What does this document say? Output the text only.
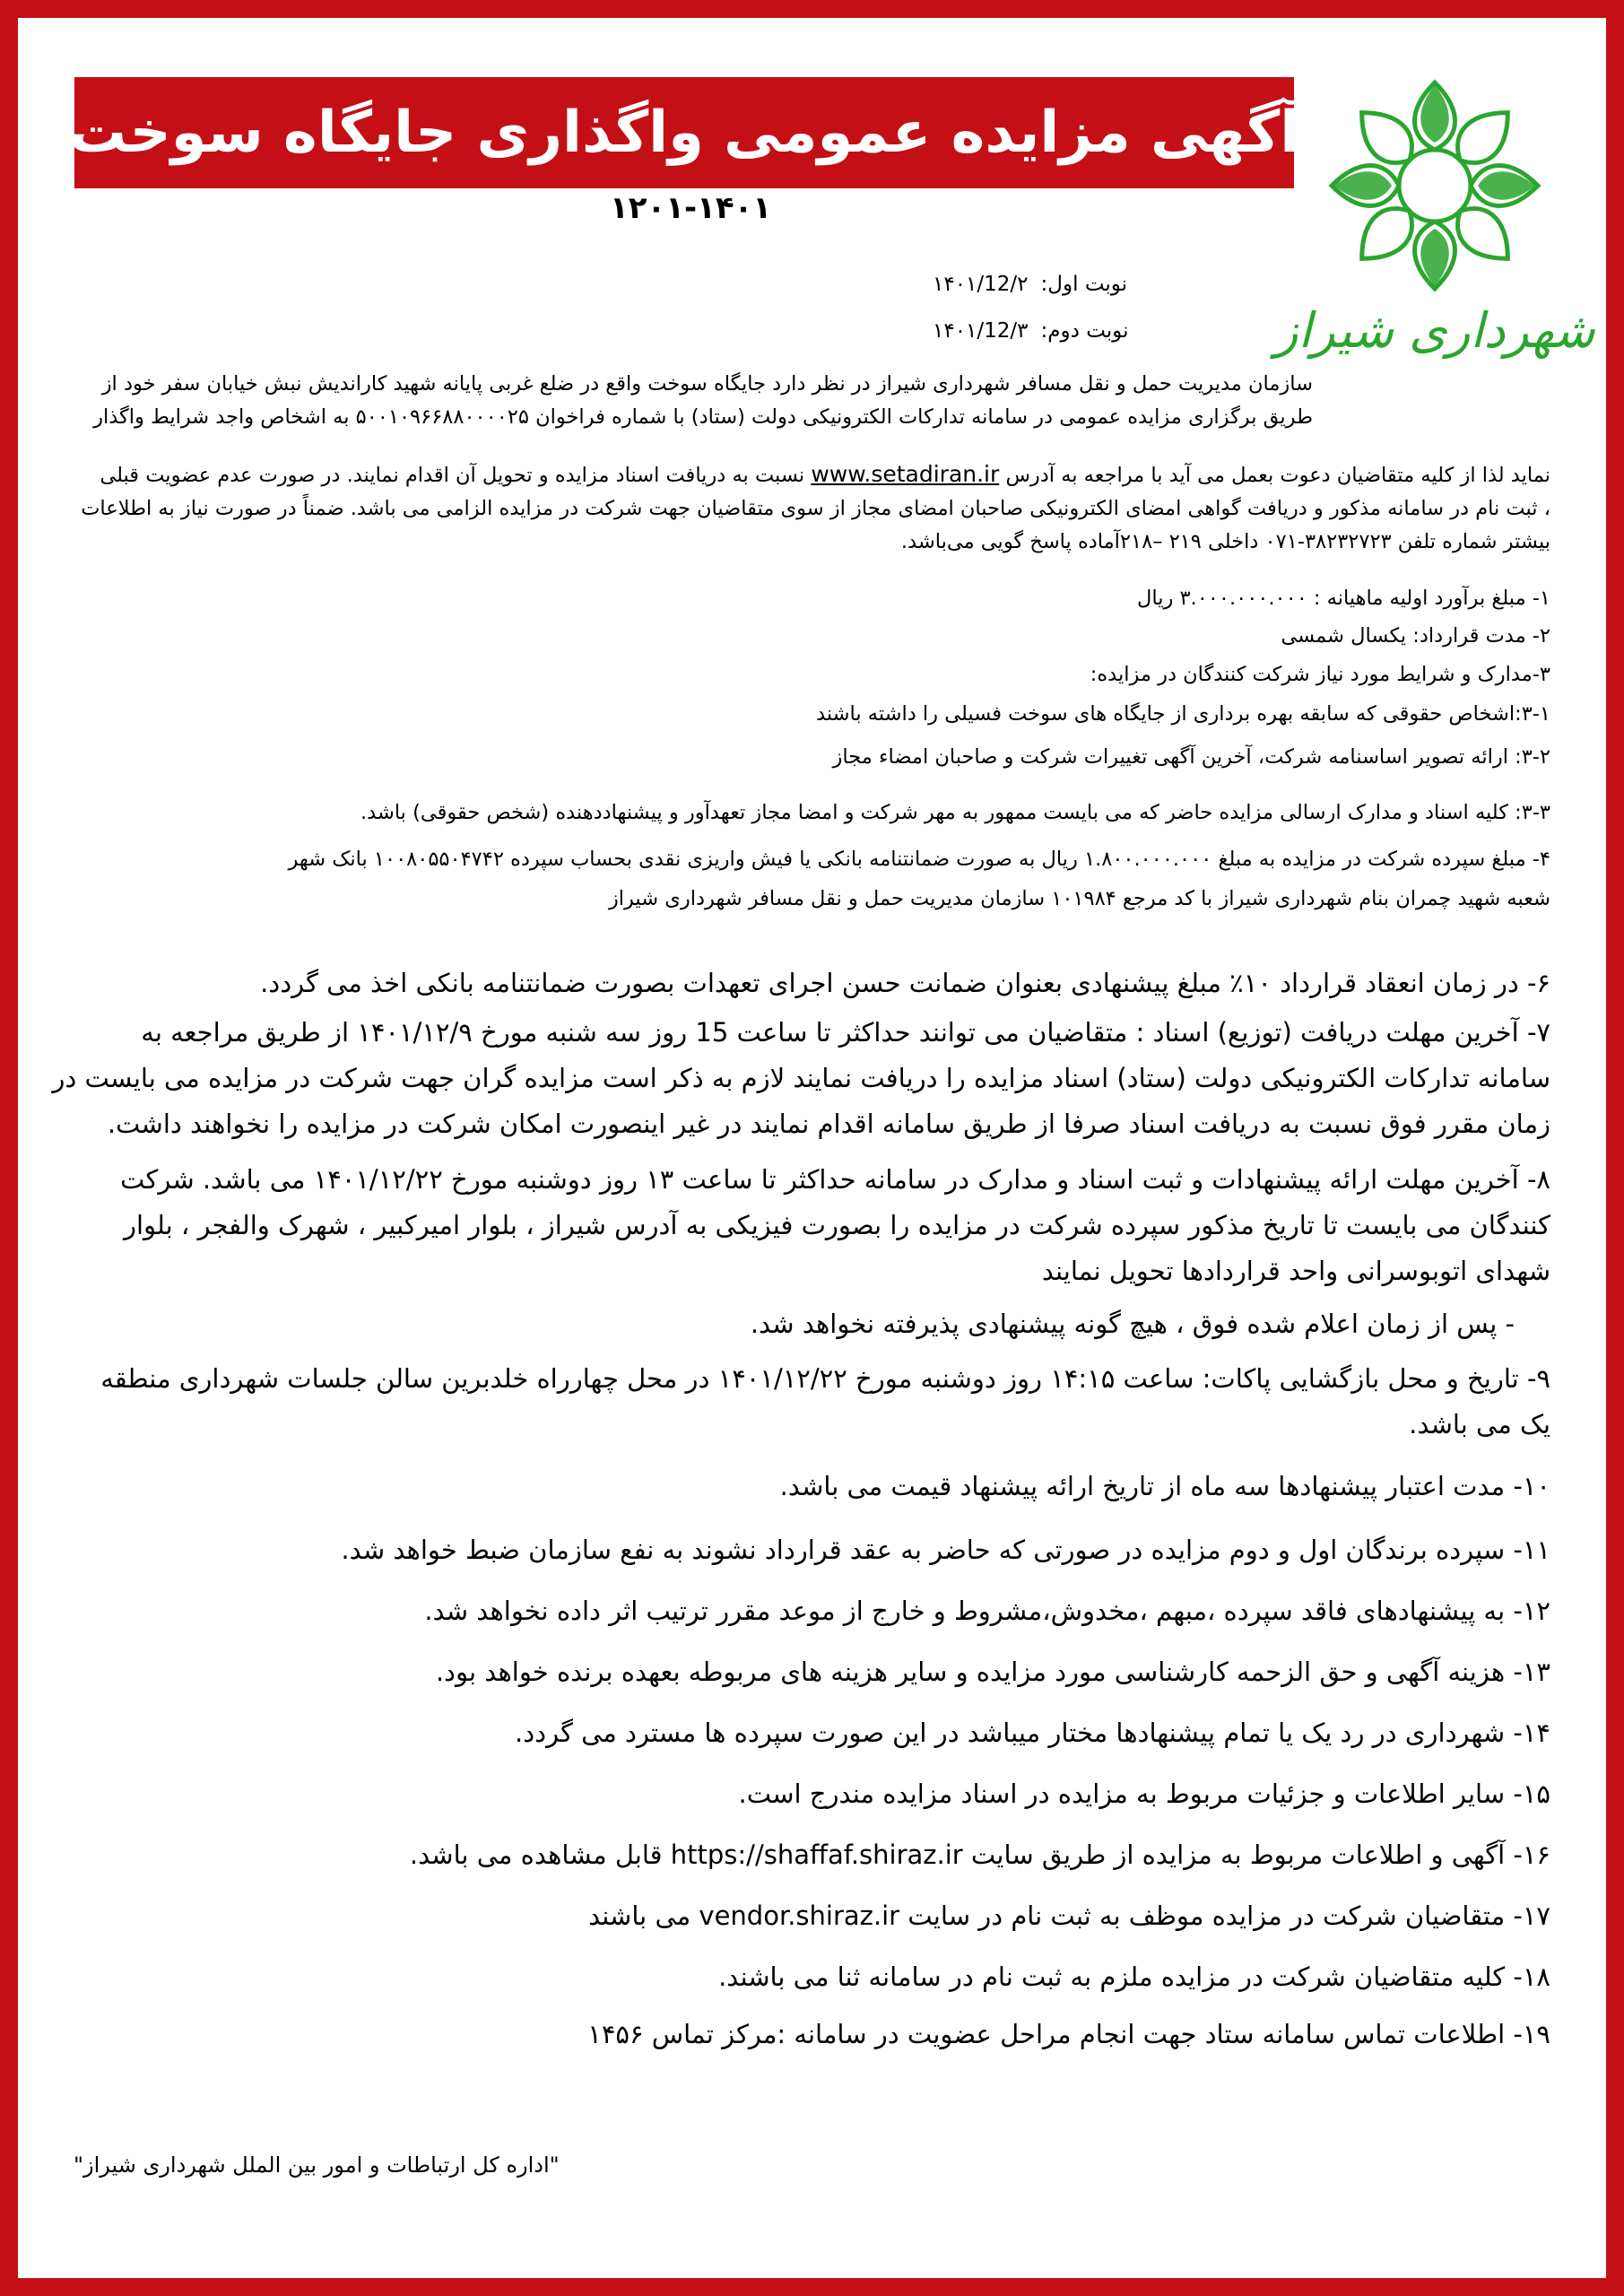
آگهی مزایده عمومی واگذاری جایگاه سوخت
۱۲۰۱-۱۴۰۱
شهرداری شیراز
نوبت اول:۱۴۰۱/12/۲
نوبت دوم:۱۴۰۱/12/۳
سازمان مدیریت حمل و نقل مسافر شهرداری شیراز در نظر دارد جایگاه سوخت واقع در ضلع غربی پایانه شهید کارانديش نبش خیابان سفر خود از
طریق برگزاری مزایده عمومی در سامانه تدارکات الکترونیکی دولت (ستاد) با شماره فراخوان ۵۰۰۱۰۹۶۶۸۸۰۰۰۰۲۵ به اشخاص واجد شرایط واگذار
نماید لذا از کلیه متقاضیان دعوت بعمل می آید با مراجعه به آدرس www.setadiran.ir نسبت به دریافت اسناد مزایده و تحویل آن اقدام نمایند. در صورت عدم عضویت قبلی
، ثبت نام در سامانه مذکور و دریافت گواهی امضای الکترونیکی صاحبان امضای مجاز از سوی متقاضیان جهت شرکت در مزایده الزامی می باشد. ضمناً در صورت نیاز به اطلاعات
بیشتر شماره تلفن ۳۸۲۳۲۷۲۳-۰۷۱ داخلی ۲۱۹ –۲۱۸آماده پاسخ گویی می‌باشد.
۱- مبلغ برآورد اولیه ماهیانه : ۳.۰۰۰.۰۰۰.۰۰۰ ریال
۲- مدت قرارداد: یکسال شمسی
۳-مدارک و شرایط مورد نیاز شرکت کنندگان در مزایده:
۳-۱:اشخاص حقوقی که سابقه بهره برداری از جایگاه های سوخت فسیلی را داشته باشند
۳-۲: ارائه تصویر اساسنامه شرکت، آخرین آگهی تغییرات شرکت و صاحبان امضاء مجاز
۳-۳: کلیه اسناد و مدارک ارسالی مزایده حاضر که می بایست ممهور به مهر شرکت و امضا مجاز تعهدآور و پیشنهاددهنده (شخص حقوقی) باشد.
۴- مبلغ سپرده شرکت در مزایده به مبلغ ۱.۸۰۰.۰۰۰.۰۰۰ ریال به صورت ضمانتنامه بانکی یا فیش واریزی نقدی بحساب سپرده ۱۰۰۸۰۵۵۰۴۷۴۲ بانک شهر
شعبه شهید چمران بنام شهرداری شیراز با کد مرجع ۱۰۱۹۸۴ سازمان مدیریت حمل و نقل مسافر شهرداری شیراز
۶- در زمان انعقاد قرارداد ۱۰٪ مبلغ پیشنهادی بعنوان ضمانت حسن اجرای تعهدات بصورت ضمانتنامه بانکی اخذ می گردد.
۷- آخرین مهلت دریافت (توزیع) اسناد : متقاضیان می توانند حداکثر تا ساعت 15 روز سه شنبه مورخ ۱۴۰۱/۱۲/۹ از طریق مراجعه به
سامانه تدارکات الکترونیکی دولت (ستاد) اسناد مزایده را دریافت نمایند لازم به ذکر است مزایده گران جهت شرکت در مزایده می بایست در
زمان مقرر فوق نسبت به دریافت اسناد صرفا از طریق سامانه اقدام نمایند در غیر اینصورت امکان شرکت در مزایده را نخواهند داشت.
۸- آخرین مهلت ارائه پیشنهادات و ثبت اسناد و مدارک در سامانه حداکثر تا ساعت ۱۳ روز دوشنبه مورخ ۱۴۰۱/۱۲/۲۲ می باشد. شرکت
کنندگان می بایست تا تاریخ مذکور سپرده شرکت در مزایده را بصورت فیزیکی به آدرس شیراز ، بلوار امیرکبیر ، شهرک والفجر ، بلوار
شهدای اتوبوسرانی واحد قراردادها تحویل نمایند
- پس از زمان اعلام شده فوق ، هیچ گونه پیشنهادی پذیرفته نخواهد شد.
۹- تاریخ و محل بازگشایی پاکات: ساعت ۱۴:۱۵ روز دوشنبه مورخ ۱۴۰۱/۱۲/۲۲ در محل چهارراه خلدبرین سالن جلسات شهرداری منطقه
یک می باشد.
۱۰- مدت اعتبار پیشنهادها سه ماه از تاریخ ارائه پیشنهاد قیمت می باشد.
۱۱- سپرده برندگان اول و دوم مزایده در صورتی که حاضر به عقد قرارداد نشوند به نفع سازمان ضبط خواهد شد.
۱۲- به پیشنهادهای فاقد سپرده ،مبهم ،مخدوش،مشروط و خارج از موعد مقرر ترتیب اثر داده نخواهد شد.
۱۳- هزینه آگهی و حق الزحمه کارشناسی مورد مزایده و سایر هزینه های مربوطه بعهده برنده خواهد بود.
۱۴- شهرداری در رد یک یا تمام پیشنهادها مختار میباشد در این صورت سپرده ها مسترد می گردد.
۱۵- سایر اطلاعات و جزئیات مربوط به مزایده در اسناد مزایده مندرج است.
۱۶- آگهی و اطلاعات مربوط به مزایده از طریق سایت https://shaffaf.shiraz.ir قابل مشاهده می باشد.
۱۷- متقاضیان شرکت در مزایده موظف به ثبت نام در سایت vendor.shiraz.ir می باشند
۱۸- کلیه متقاضیان شرکت در مزایده ملزم به ثبت نام در سامانه ثنا می باشند.
۱۹- اطلاعات تماس سامانه ستاد جهت انجام مراحل عضویت در سامانه :مرکز تماس ۱۴۵۶
"اداره کل ارتباطات و امور بین الملل شهرداری شیراز"
